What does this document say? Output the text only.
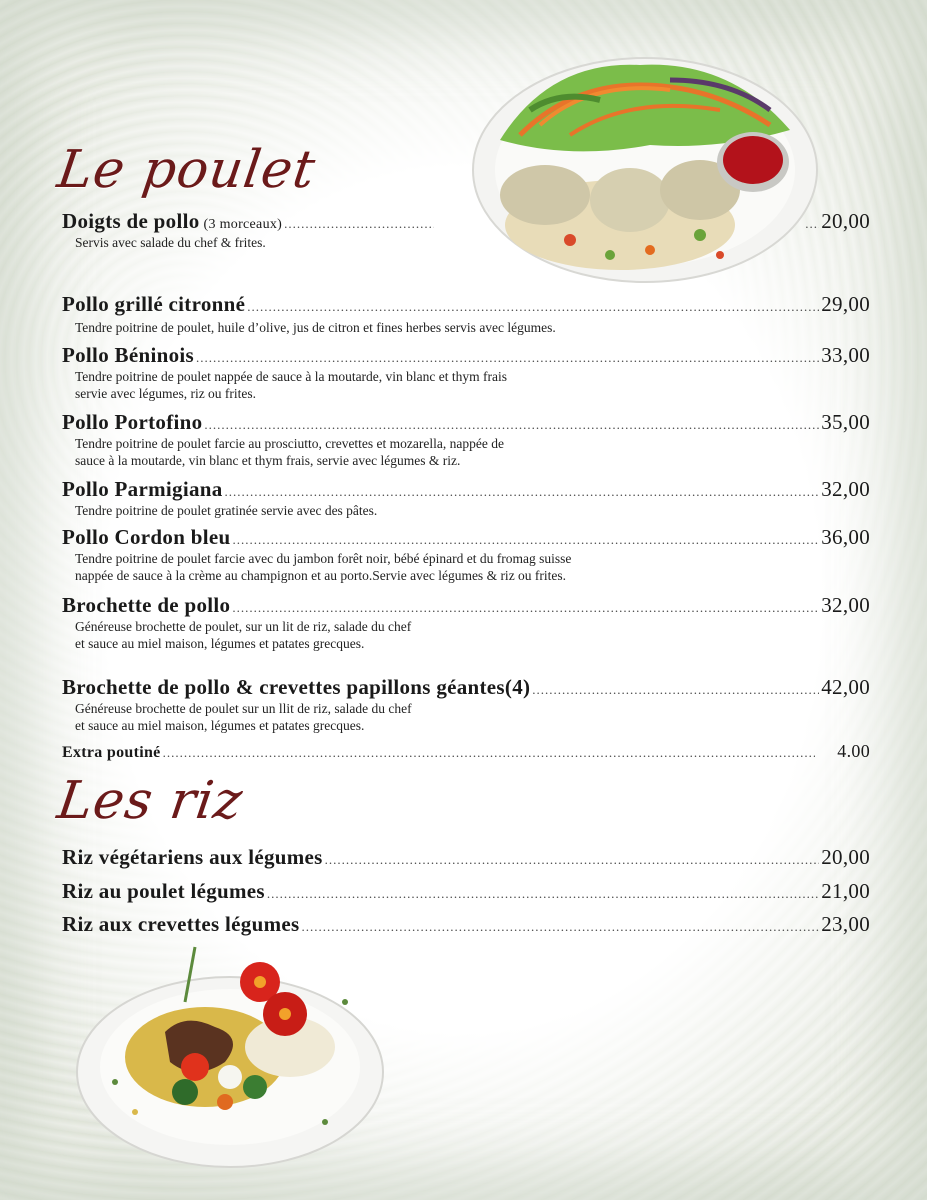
Le poulet
Doigts de pollo (3 morceaux) ..... .....	20,00
Servis avec salade du chef & frites.
Pollo grillé citronné .....	29,00
Tendre poitrine de poulet, huile d’olive, jus de citron et fines herbes servis avec légumes.
Pollo Béninois .....	33,00
Tendre poitrine de poulet nappée de sauce à la moutarde, vin blanc et thym frais
servie avec légumes, riz ou frites.
Pollo Portofino .....	35,00
Tendre poitrine de poulet farcie au prosciutto, crevettes et mozarella, nappée de
sauce à la moutarde, vin blanc et thym frais, servie avec légumes & riz.
Pollo Parmigiana .....	32,00
Tendre poitrine de poulet gratinée servie avec des pâtes.
Pollo Cordon bleu .....	36,00
Tendre poitrine de poulet farcie avec du jambon forêt noir, bébé épinard et du fromag suisse
nappée de sauce à la crème au champignon et au porto.Servie avec légumes & riz ou frites.
Brochette de pollo .....	32,00
Généreuse brochette de poulet, sur un lit de riz, salade du chef
et sauce au miel maison, légumes et patates grecques.
Brochette de pollo & crevettes papillons géantes(4) .....	42,00
Généreuse brochette de poulet sur un llit de riz, salade du chef
et sauce au miel maison, légumes et patates grecques.
Extra poutiné .....	4.00
Les riz
Riz végétariens aux légumes .....	20,00
Riz au poulet légumes .....	21,00
Riz aux crevettes légumes .....	23,00
